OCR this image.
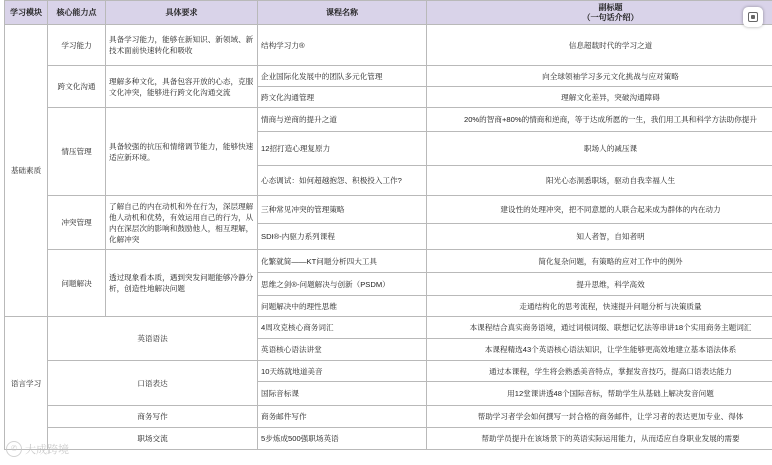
学习模块	核心能力点	具体要求	课程名称	副标题
（一句话介绍）
基础素质	学习能力	具备学习能力，能够在新知识、新领域、新技术面前快速转化和吸收	结构学习力®	信息超载时代的学习之道
	跨文化沟通	理解多种文化，具备包容开放的心态，克服文化冲突，能够进行跨文化沟通交流	企业国际化发展中的团队多元化管理	向全球领袖学习多元文化挑战与应对策略
			跨文化沟通管理	理解文化差异，突破沟通障碍
	情压管理	具备较强的抗压和情绪调节能力，能够快速适应新环境。	情商与逆商的提升之道	20%的智商+80%的情商和逆商，等于达成所愿的一生，我们用工具和科学方法助你提升
			12招打造心理复原力	职场人的减压课
			心态调试：如何超越抱怨、积极投入工作?	阳光心态洞悉职场，驱动自我幸福人生
	冲突管理	了解自己的内在动机和外在行为，深层理解他人动机和优势，有效运用自己的行为，从内在深层次的影响和鼓励他人，相互理解，化解冲突	三种常见冲突的管理策略	建设性的处理冲突，把不同意愿的人联合起来成为群体的内在动力
			SDI®-内驱力系列课程	知人者智，自知者明
	问题解决	透过现象看本质，遇到突发问题能够冷静分析，创造性地解决问题	化繁就简——KT问题分析四大工具	简化复杂问题，有策略的应对工作中的例外
			思维之剑®-问题解决与创新（PSDM）	提升思维，科学高效
			问题解决中的理性思维	走通结构化的思考流程，快速提升问题分析与决策质量
语言学习	英语语法		4周攻克核心商务词汇	本课程结合真实商务语境，通过词根词缀、联想记忆法等串讲18个实用商务主题词汇
			英语核心语法讲堂	本课程精选43个英语核心语法知识，让学生能够更高效地建立基本语法体系
	口语表达		10天练就地道美音	通过本课程，学生将会熟悉美音特点，掌握发音技巧，提高口语表达能力
			国际音标课	用12堂课讲透48个国际音标，帮助学生从基础上解决发音问题
	商务写作		商务邮件写作	帮助学习者学会如何撰写一封合格的商务邮件，让学习者的表达更加专业、得体
	职场交流		5步炼成500强职场英语	帮助学员提升在该场景下的英语实际运用能力，从而适应自身职业发展的需要
✆ 大成跨境
